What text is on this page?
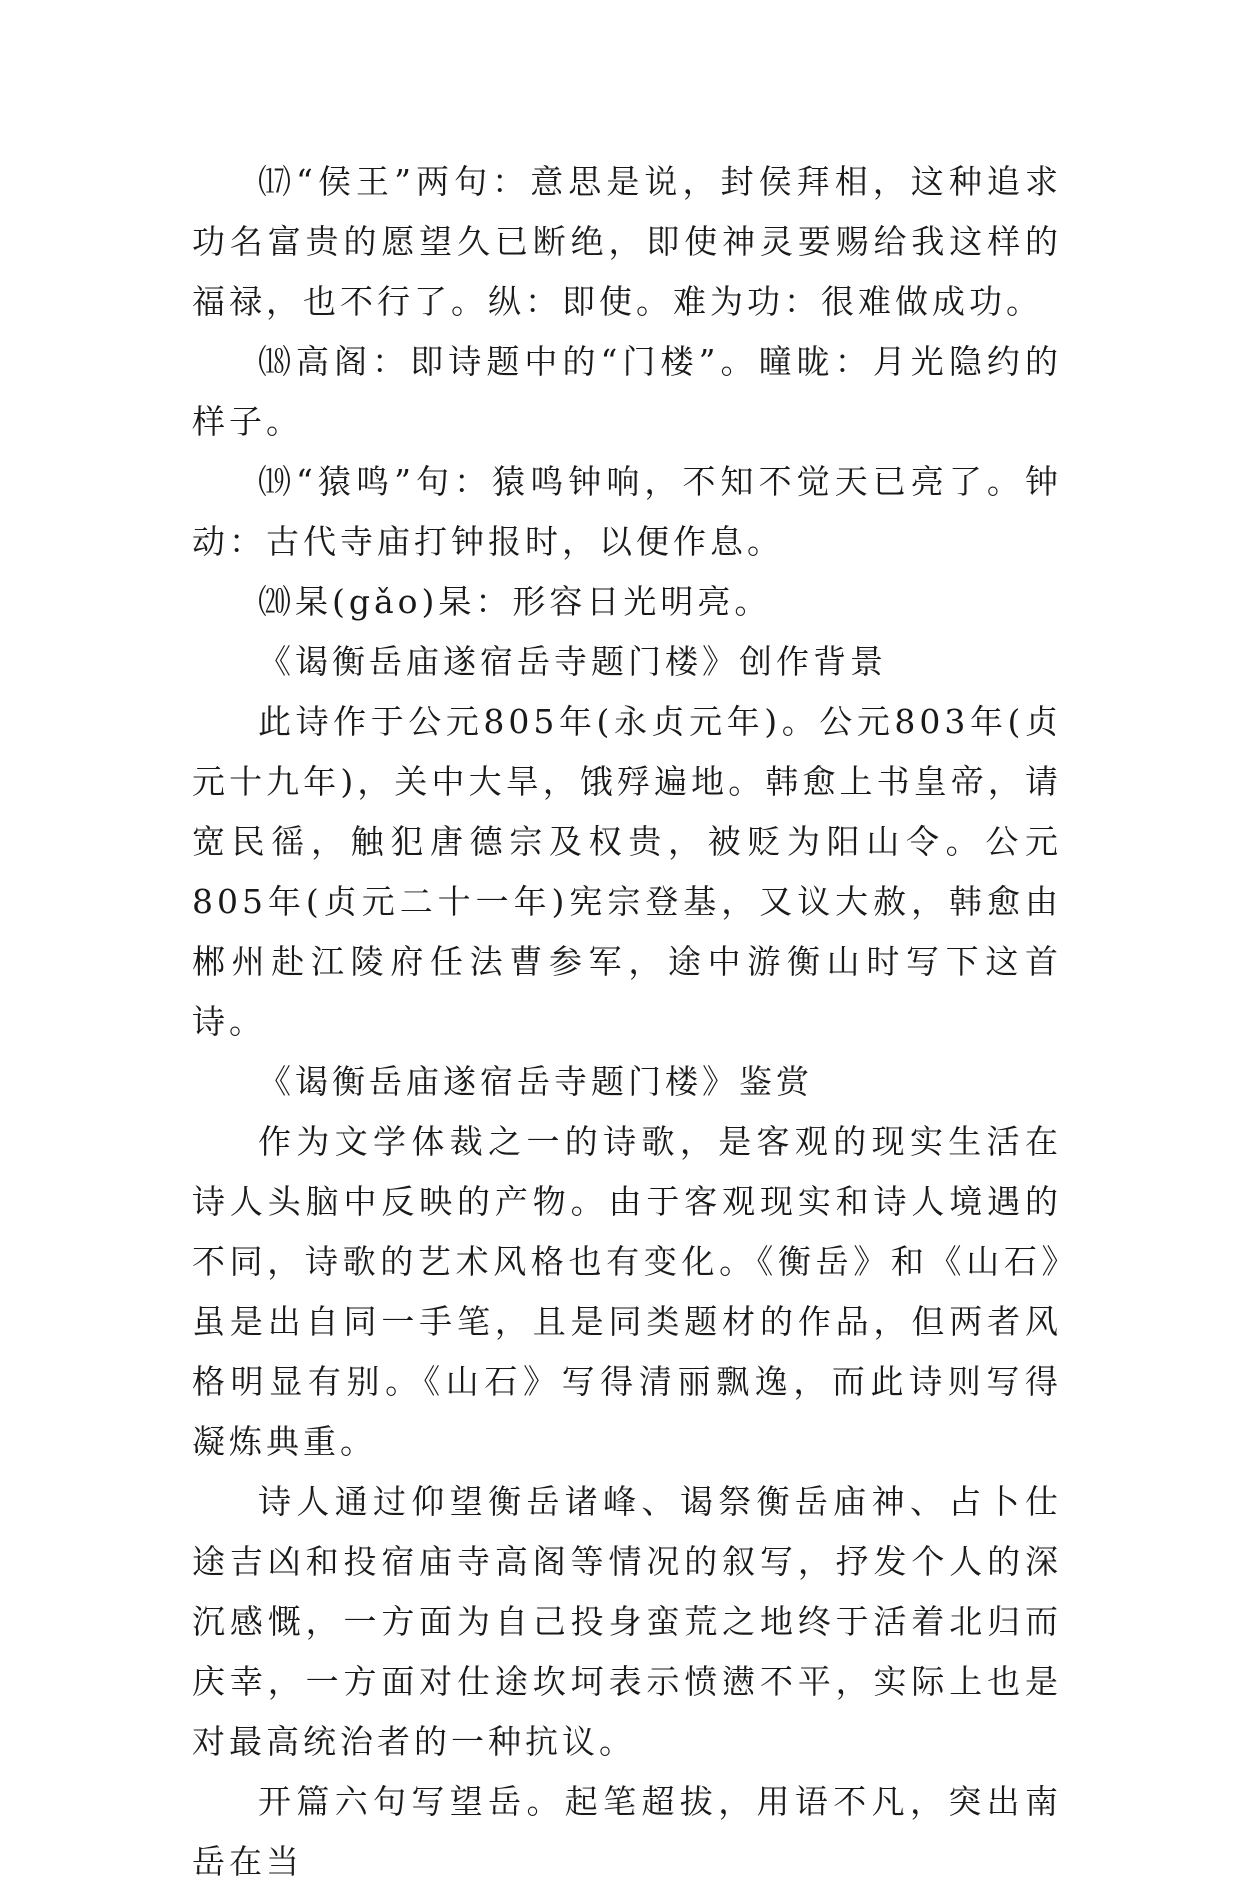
⒄“侯王”两句：意思是说，封侯拜相，这种追求功名富贵的愿望久已断绝，即使神灵要赐给我这样的福禄，也不行了。纵：即使。难为功：很难做成功。

⒅高阁：即诗题中的“门楼”。曈昽：月光隐约的样子。

⒆“猿鸣”句：猿鸣钟响，不知不觉天已亮了。钟动：古代寺庙打钟报时，以便作息。

⒇杲(gǎo)杲：形容日光明亮。

《谒衡岳庙遂宿岳寺题门楼》创作背景

此诗作于公元805年(永贞元年)。公元803年(贞元十九年)，关中大旱，饿殍遍地。韩愈上书皇帝，请宽民徭，触犯唐德宗及权贵，被贬为阳山令。公元805年(贞元二十一年)宪宗登基，又议大赦，韩愈由郴州赴江陵府任法曹参军，途中游衡山时写下这首诗。

《谒衡岳庙遂宿岳寺题门楼》鉴赏

作为文学体裁之一的诗歌，是客观的现实生活在诗人头脑中反映的产物。由于客观现实和诗人境遇的不同，诗歌的艺术风格也有变化。《衡岳》和《山石》虽是出自同一手笔，且是同类题材的作品，但两者风格明显有别。《山石》写得清丽飘逸，而此诗则写得凝炼典重。

诗人通过仰望衡岳诸峰、谒祭衡岳庙神、占卜仕途吉凶和投宿庙寺高阁等情况的叙写，抒发个人的深沉感慨，一方面为自己投身蛮荒之地终于活着北归而庆幸，一方面对仕途坎坷表示愤懑不平，实际上也是对最高统治者的一种抗议。

开篇六句写望岳。起笔超拔，用语不凡，突出南岳在当
